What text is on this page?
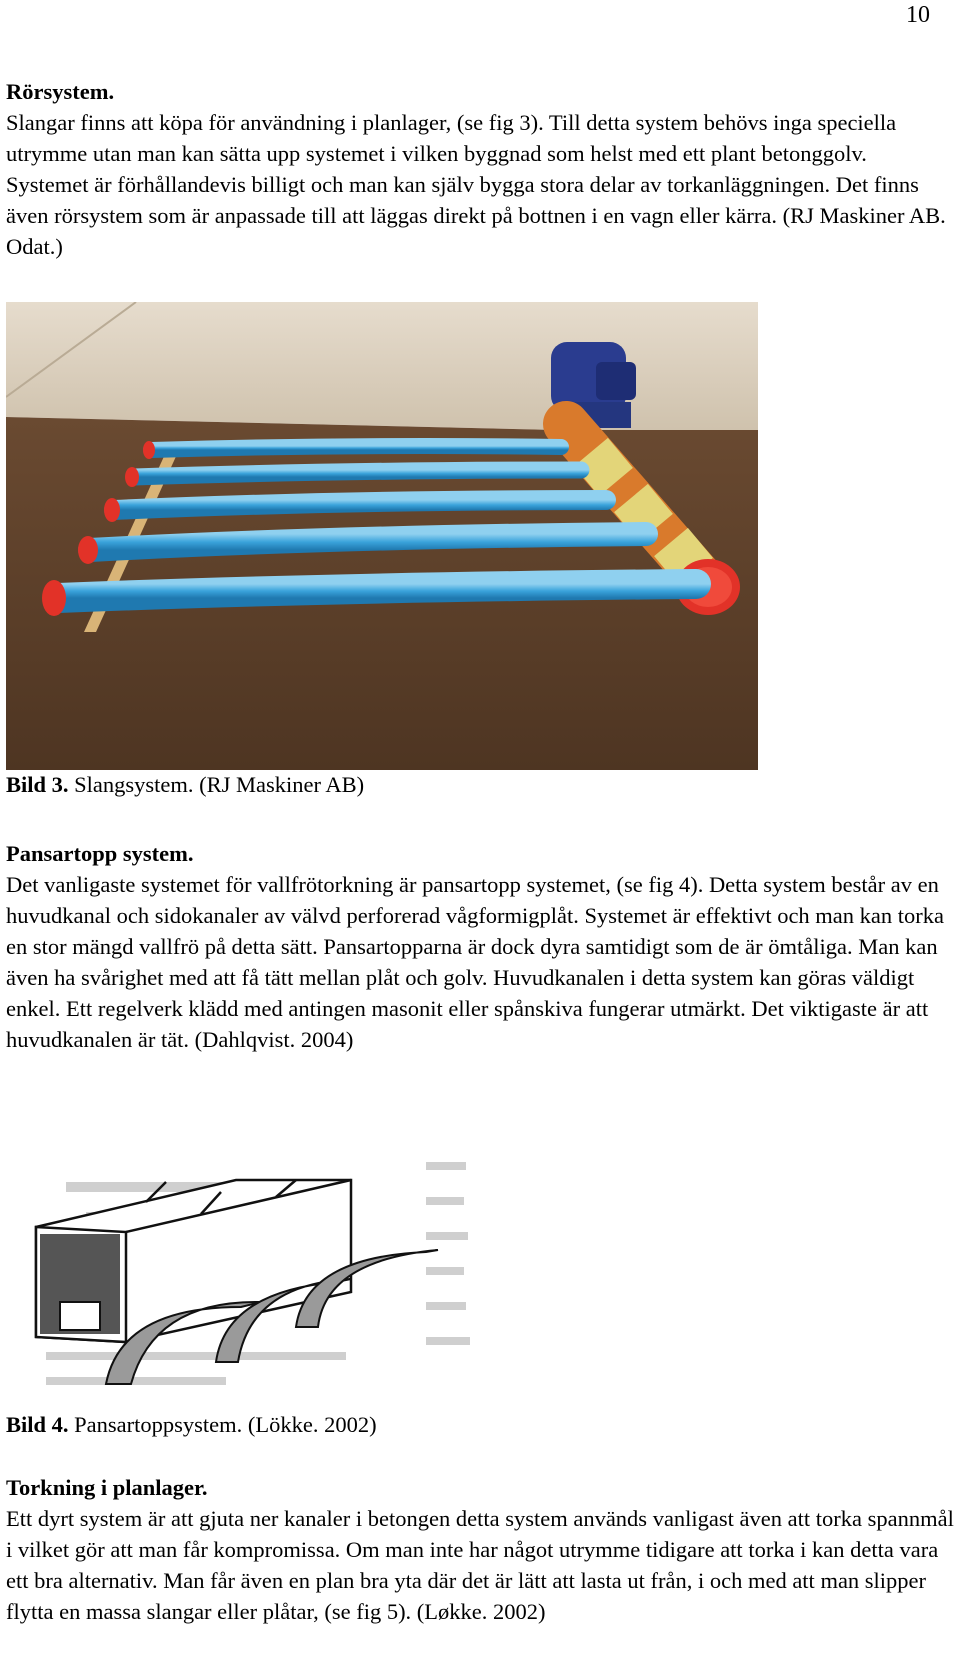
10
Rörsystem.

Slangar finns att köpa för användning i planlager, (se fig 3). Till detta system behövs inga speciella utrymme utan man kan sätta upp systemet i vilken byggnad som helst med ett plant betonggolv. Systemet är förhållandevis billigt och man kan själv bygga stora delar av torkanläggningen. Det finns även rörsystem som är anpassade till att läggas direkt på bottnen i en vagn eller kärra. (RJ Maskiner AB. Odat.)

Bild 3. Slangsystem. (RJ Maskiner AB)
Pansartopp system.

Det vanligaste systemet för vallfrötorkning är pansartopp systemet, (se fig 4). Detta system består av en huvudkanal och sidokanaler av välvd perforerad vågformigplåt. Systemet är effektivt och man kan torka en stor mängd vallfrö på detta sätt. Pansartopparna är dock dyra samtidigt som de är ömtåliga. Man kan även ha svårighet med att få tätt mellan plåt och golv. Huvudkanalen i detta system kan göras väldigt enkel. Ett regelverk klädd med antingen masonit eller spånskiva fungerar utmärkt. Det viktigaste är att huvudkanalen är tät. (Dahlqvist. 2004)

Bild 4. Pansartoppsystem. (Lökke. 2002)
Torkning i planlager.

Ett dyrt system är att gjuta ner kanaler i betongen detta system används vanligast även att torka spannmål i vilket gör att man får kompromissa. Om man inte har något utrymme tidigare att torka i kan detta vara ett bra alternativ. Man får även en plan bra yta där det är lätt att lasta ut från, i och med att man slipper flytta en massa slangar eller plåtar, (se fig 5). (Løkke. 2002)
